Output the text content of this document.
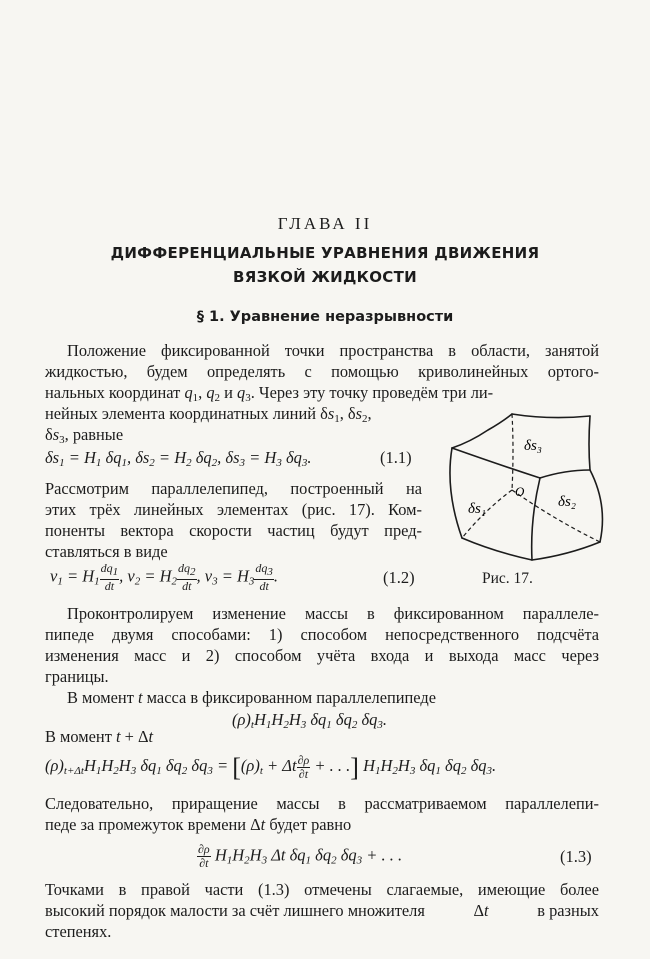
ГЛАВА II
ДИФФЕРЕНЦИАЛЬНЫЕ УРАВНЕНИЯ ДВИЖЕНИЯ
ВЯЗКОЙ ЖИДКОСТИ
§ 1. Уравнение неразрывности
Положение фиксированной точки пространства в области, занятой
жидкостью, будем определять с помощью криволинейных ортого-
нальных координат $q_1$, $q_2$ и $q_3$. Через эту точку проведём три ли-
нейных элемента координатных линий $\delta s_1$, $\delta s_2$,
$\delta s_3$, равные
$\delta s_1 = H_1$ $\delta q_1$, $\delta s_2 = H_2$ $\delta q_2$, $\delta s_3 = H_3$ $\delta q_3$.	(1.1)
Рассмотрим параллелепипед, построенный на
этих трёх линейных элементах (рис. 17). Ком-
поненты вектора скорости частиц будут пред-
ставляться в виде
$v_1 = H_1 \frac{dq_1}{dt}$ , $v_2 = H_2 \frac{dq_2}{dt}$ , $v_3 = H_3 \frac{dq_3}{dt}$ .	(1.2)
δs₃
O
δs₁	δs₂
Рис. 17.
Проконтролируем изменение массы в фиксированном параллеле-
пипеде двумя способами: 1) способом непосредственного подсчёта
изменения масс и 2) способом учёта входа и выхода масс через
границы.
В момент t масса в фиксированном параллелепипеде
$(\rho)_tH_1H_2H_3$ $\delta q_1$ $\delta q_2$ $\delta q_3$.
В момент t + Δt
$(\rho)_{t+\Delta t}H_1H_2H_3$ $\delta q_1$ $\delta q_2$ $\delta q_3 = [(\rho)_t + \Delta t \frac{\partial\rho}{\partial t}$ + . . .] $H_1H_2H_3$ $\delta q_1$ $\delta q_2$ $\delta q_3$.
Следовательно, приращение массы в рассматриваемом параллелепи-
педе за промежуток времени Δt будет равно
$\frac{\partial\rho}{\partial t} H_1H_2H_3$ Δt $\delta q_1$ $\delta q_2$ $\delta q_3$ + . . .	(1.3)
Точками в правой части (1.3) отмечены слагаемые, имеющие более
высокий порядок малости за счёт лишнего множителя	Δt	в разных
степенях.
